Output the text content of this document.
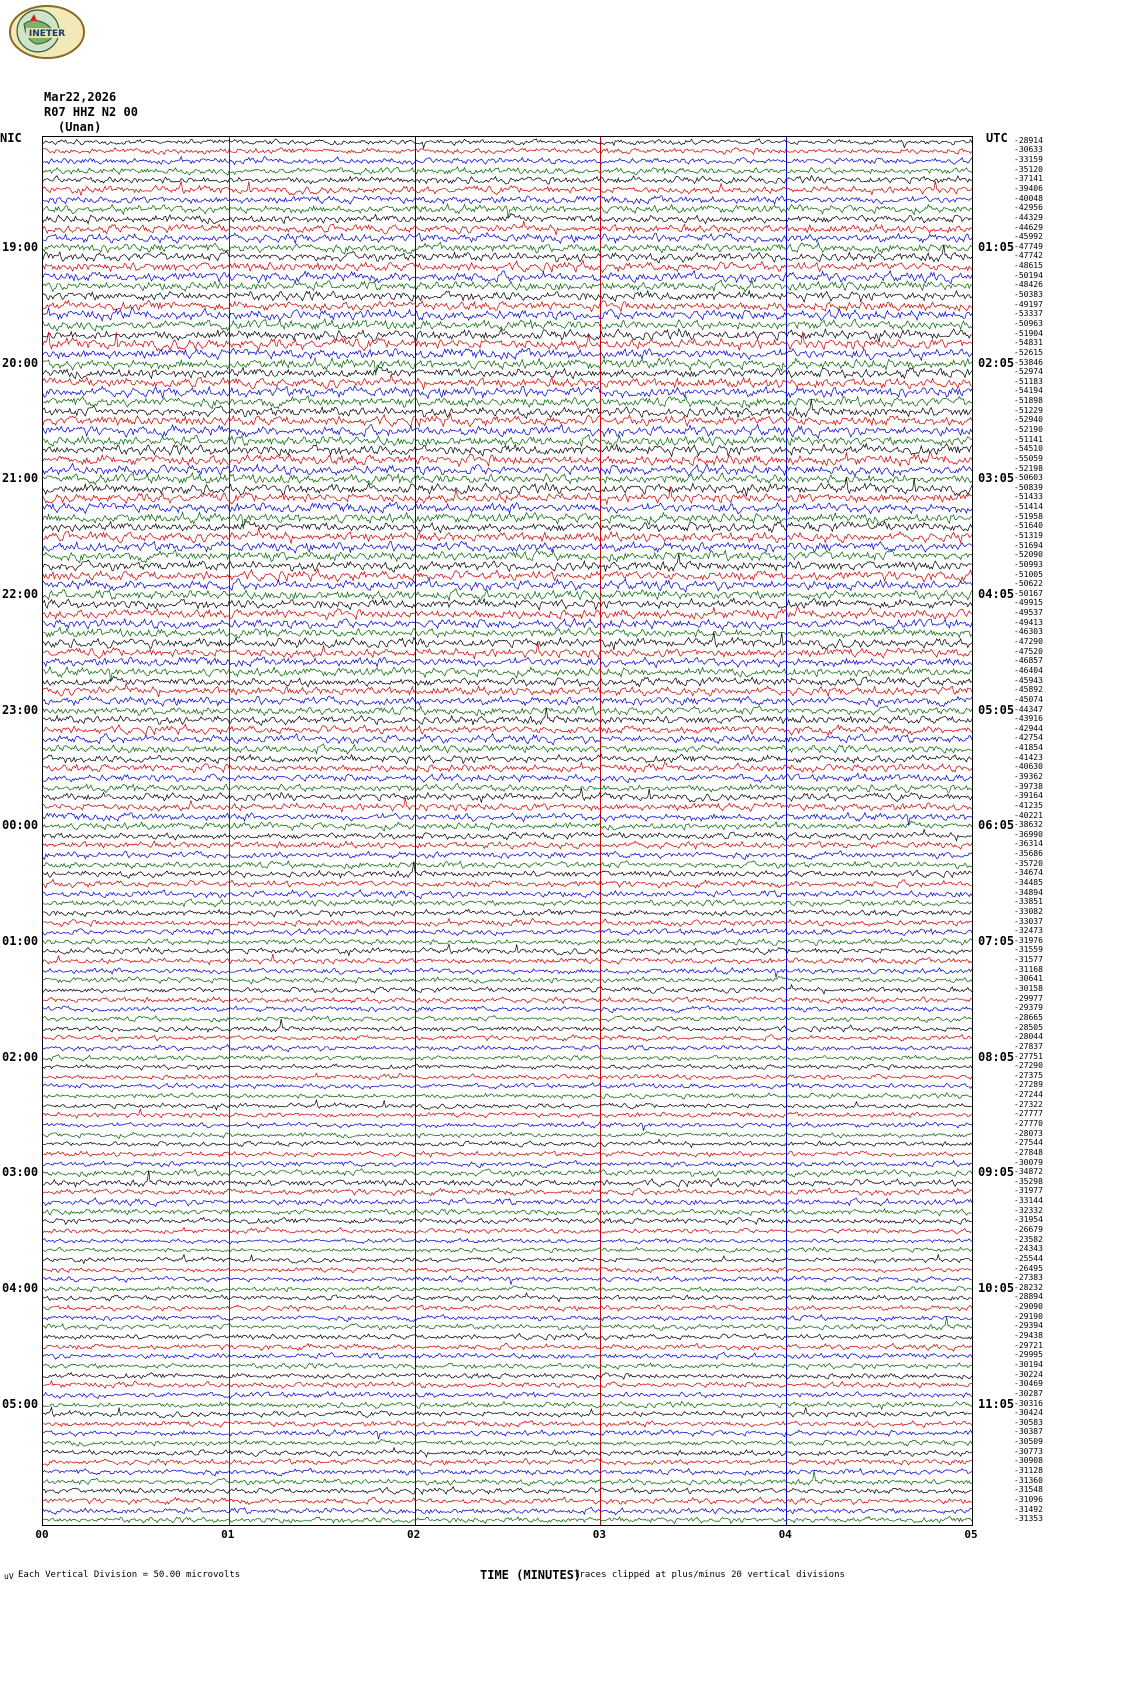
INETER
Mar22,2026
R07 HHZ N2 00
(Unan)
NIC	UTC
00	01	02	03	04	05
TIME (MINUTES)
Traces clipped at plus/minus 20 vertical divisions
Each Vertical Division = 50.00 microvolts
uV
-28914
-30633
-33159
-35120
-37141
-39406
-40048
-42956
-44329
-44629
-45992
-47749
-47742
-48615
-50194
-48426
-50383
-49197
-53337
-50963
-51904
-54831
-52615
-53846
-52974
-51183
-54194
-51898
-51229
-52940
-52190
-51141
-54510
-55059
-52198
-50603
-50839
-51433
-51414
-51958
-51640
-51319
-51694
-52090
-50993
-51005
-50622
-50167
-49915
-49537
-49413
-46303
-47290
-47520
-46857
-46404
-45943
-45892
-45074
-44347
-43916
-42944
-42754
-41854
-41423
-40630
-39362
-39738
-39164
-41235
-40221
-38632
-36990
-36314
-35686
-35720
-34674
-34485
-34894
-33851
-33082
-33037
-32473
-31976
-31559
-31577
-31168
-30641
-30158
-29977
-29379
-28665
-28505
-28044
-27837
-27751
-27290
-27375
-27289
-27244
-27322
-27777
-27770
-28073
-27544
-27848
-30079
-34872
-35298
-31977
-33144
-32332
-31954
-26679
-23582
-24343
-25544
-26495
-27383
-28232
-28894
-29090
-29190
-29394
-29438
-29721
-29995
-30194
-30224
-30469
-30287
-30316
-30424
-30583
-30387
-30509
-30773
-30908
-31128
-31360
-31548
-31096
-31492
-31353
19:00	01:05
20:00	02:05
21:00	03:05
22:00	04:05
23:00	05:05
00:00	06:05
01:00	07:05
02:00	08:05
03:00	09:05
04:00	10:05
05:00	11:05
